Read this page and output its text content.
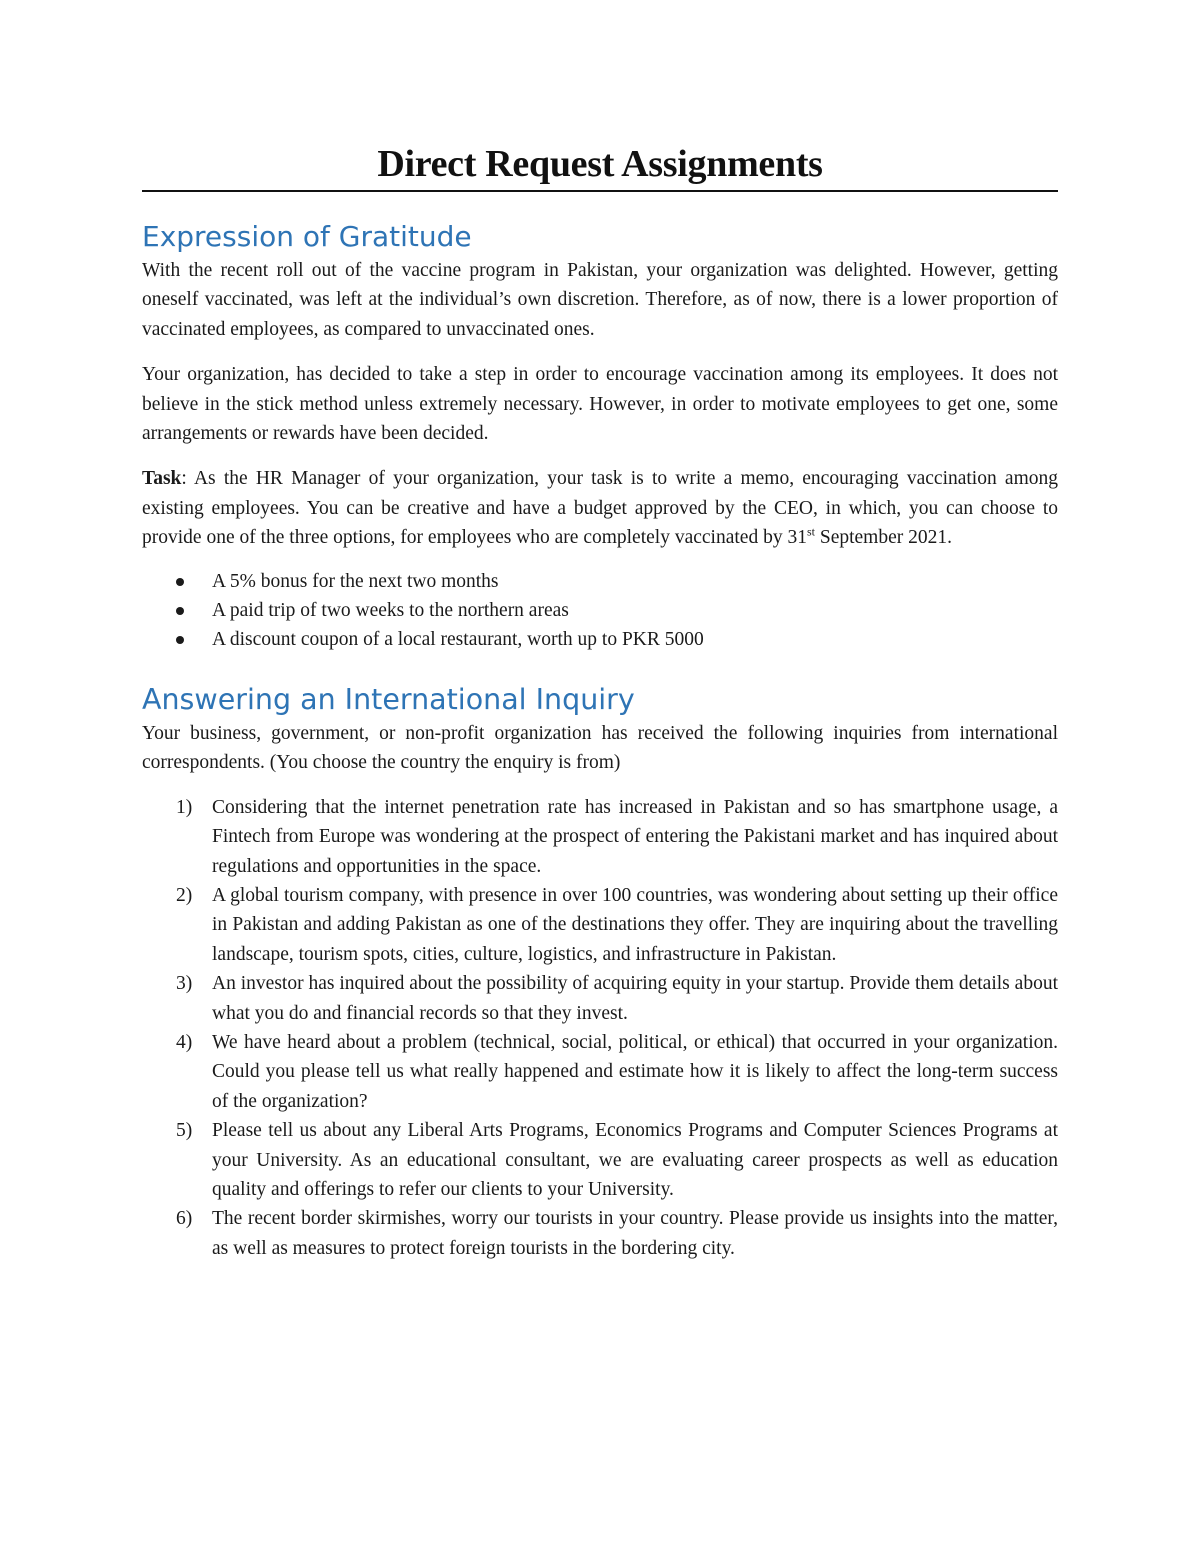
Direct Request Assignments
Expression of Gratitude

With the recent roll out of the vaccine program in Pakistan, your organization was delighted. However, getting oneself vaccinated, was left at the individual’s own discretion. Therefore, as of now, there is a lower proportion of vaccinated employees, as compared to unvaccinated ones.

Your organization, has decided to take a step in order to encourage vaccination among its employees. It does not believe in the stick method unless extremely necessary. However, in order to motivate employees to get one, some arrangements or rewards have been decided.

Task: As the HR Manager of your organization, your task is to write a memo, encouraging vaccination among existing employees. You can be creative and have a budget approved by the CEO, in which, you can choose to provide one of the three options, for employees who are completely vaccinated by 31st September 2021.

A 5% bonus for the next two months
A paid trip of two weeks to the northern areas
A discount coupon of a local restaurant, worth up to PKR 5000
Answering an International Inquiry

Your business, government, or non-profit organization has received the following inquiries from international correspondents. (You choose the country the enquiry is from)

1) Considering that the internet penetration rate has increased in Pakistan and so has smartphone usage, a Fintech from Europe was wondering at the prospect of entering the Pakistani market and has inquired about regulations and opportunities in the space.
2) A global tourism company, with presence in over 100 countries, was wondering about setting up their office in Pakistan and adding Pakistan as one of the destinations they offer. They are inquiring about the travelling landscape, tourism spots, cities, culture, logistics, and infrastructure in Pakistan.
3) An investor has inquired about the possibility of acquiring equity in your startup. Provide them details about what you do and financial records so that they invest.
4) We have heard about a problem (technical, social, political, or ethical) that occurred in your organization. Could you please tell us what really happened and estimate how it is likely to affect the long-term success of the organization?
5) Please tell us about any Liberal Arts Programs, Economics Programs and Computer Sciences Programs at your University. As an educational consultant, we are evaluating career prospects as well as education quality and offerings to refer our clients to your University.
6) The recent border skirmishes, worry our tourists in your country. Please provide us insights into the matter, as well as measures to protect foreign tourists in the bordering city.
